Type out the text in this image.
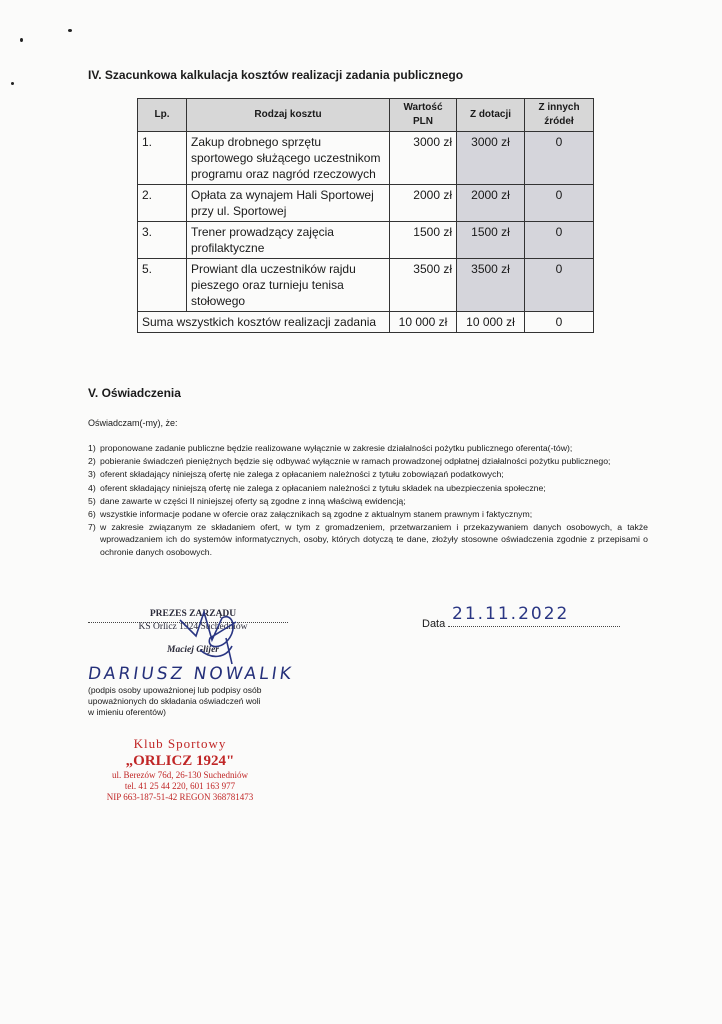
IV. Szacunkowa kalkulacja kosztów realizacji zadania publicznego
Lp.	Rodzaj kosztu	Wartość PLN	Z dotacji	Z innych źródeł
1.	Zakup drobnego sprzętu sportowego służącego uczestnikom programu oraz nagród rzeczowych	3000 zł	3000 zł	0
2.	Opłata za wynajem Hali Sportowej przy ul. Sportowej	2000 zł	2000 zł	0
3.	Trener prowadzący zajęcia profilaktyczne	1500 zł	1500 zł	0
5.	Prowiant dla uczestników rajdu pieszego oraz turnieju tenisa stołowego	3500 zł	3500 zł	0
Suma wszystkich kosztów realizacji zadania		10 000 zł	10 000 zł	0
V. Oświadczenia
Oświadczam(-my), że:
1) proponowane zadanie publiczne będzie realizowane wyłącznie w zakresie działalności pożytku publicznego oferenta(-tów);
2) pobieranie świadczeń pieniężnych będzie się odbywać wyłącznie w ramach prowadzonej odpłatnej działalności pożytku publicznego;
3) oferent składający niniejszą ofertę nie zalega z opłacaniem należności z tytułu zobowiązań podatkowych;
4) oferent składający niniejszą ofertę nie zalega z opłacaniem należności z tytułu składek na ubezpieczenia społeczne;
5) dane zawarte w części II niniejszej oferty są zgodne z inną właściwą ewidencją;
6) wszystkie informacje podane w ofercie oraz załącznikach są zgodne z aktualnym stanem prawnym i faktycznym;
7) w zakresie związanym ze składaniem ofert, w tym z gromadzeniem, przetwarzaniem i przekazywaniem danych osobowych, a także wprowadzaniem ich do systemów informatycznych, osoby, których dotyczą te dane, złożyły stosowne oświadczenia zgodnie z przepisami o ochronie danych osobowych.
PREZES ZARZĄDU
KS Orlicz 1924 Suchedniów
Maciej Glijer
DARIUSZ NOWALIK
(podpis osoby upoważnionej lub podpisy osób upoważnionych do składania oświadczeń woli w imieniu oferentów)
Data 21.11.2022
Klub Sportowy
„ORLICZ 1924"
ul. Berezów 76d, 26-130 Suchedniów
tel. 41 25 44 220, 601 163 977
NIP 663-187-51-42 REGON 368781473
